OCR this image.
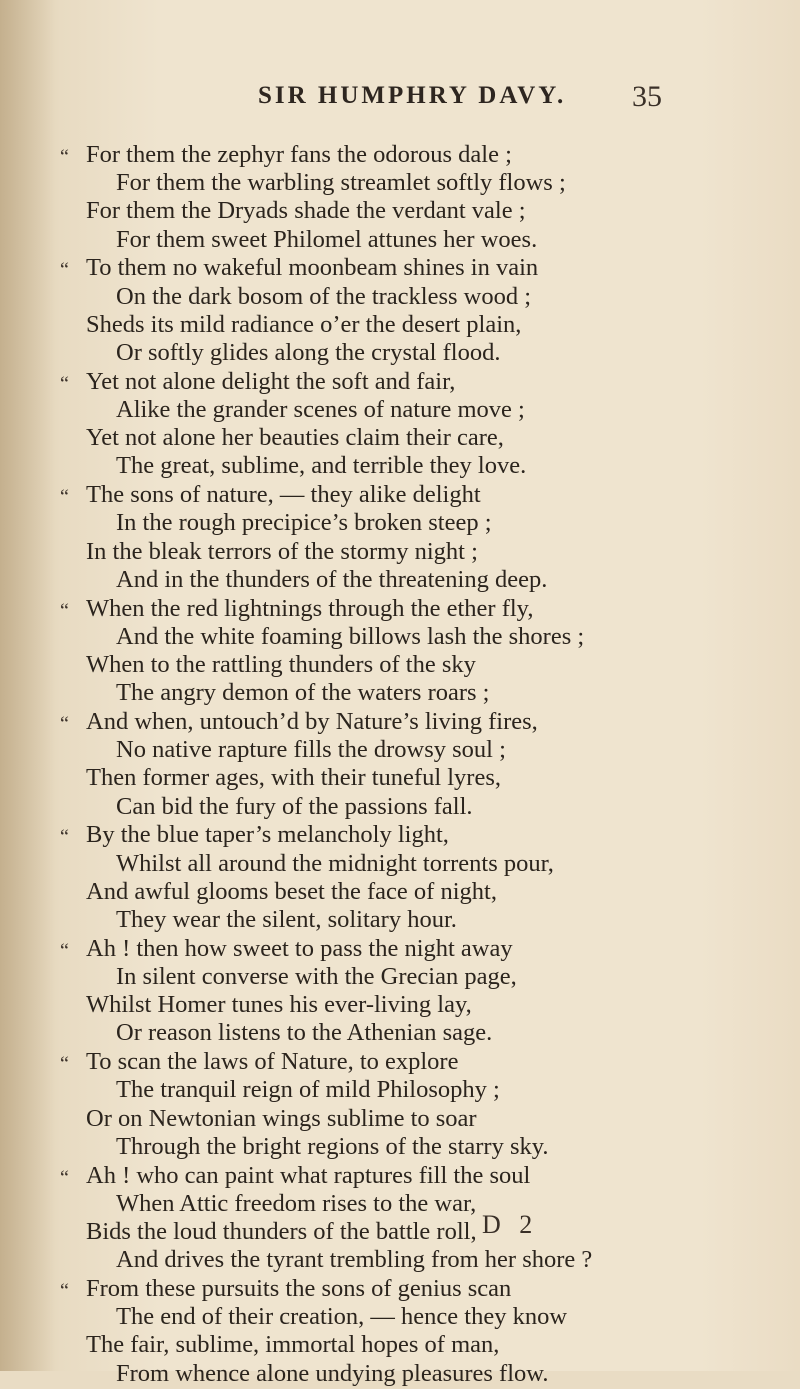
SIR HUMPHRY DAVY. 35
“ For them the zephyr fans the odorous dale ;
For them the warbling streamlet softly flows ;
For them the Dryads shade the verdant vale ;
For them sweet Philomel attunes her woes.
“ To them no wakeful moonbeam shines in vain
On the dark bosom of the trackless wood ;
Sheds its mild radiance o’er the desert plain,
Or softly glides along the crystal flood.
“ Yet not alone delight the soft and fair,
Alike the grander scenes of nature move ;
Yet not alone her beauties claim their care,
The great, sublime, and terrible they love.
“ The sons of nature, — they alike delight
In the rough precipice’s broken steep ;
In the bleak terrors of the stormy night ;
And in the thunders of the threatening deep.
“ When the red lightnings through the ether fly,
And the white foaming billows lash the shores ;
When to the rattling thunders of the sky
The angry demon of the waters roars ;
“ And when, untouch’d by Nature’s living fires,
No native rapture fills the drowsy soul ;
Then former ages, with their tuneful lyres,
Can bid the fury of the passions fall.
“ By the blue taper’s melancholy light,
Whilst all around the midnight torrents pour,
And awful glooms beset the face of night,
They wear the silent, solitary hour.
“ Ah ! then how sweet to pass the night away
In silent converse with the Grecian page,
Whilst Homer tunes his ever-living lay,
Or reason listens to the Athenian sage.
“ To scan the laws of Nature, to explore
The tranquil reign of mild Philosophy ;
Or on Newtonian wings sublime to soar
Through the bright regions of the starry sky.
“ Ah ! who can paint what raptures fill the soul
When Attic freedom rises to the war,
Bids the loud thunders of the battle roll,
And drives the tyrant trembling from her shore ?
“ From these pursuits the sons of genius scan
The end of their creation, — hence they know
The fair, sublime, immortal hopes of man,
From whence alone undying pleasures flow.
D 2
